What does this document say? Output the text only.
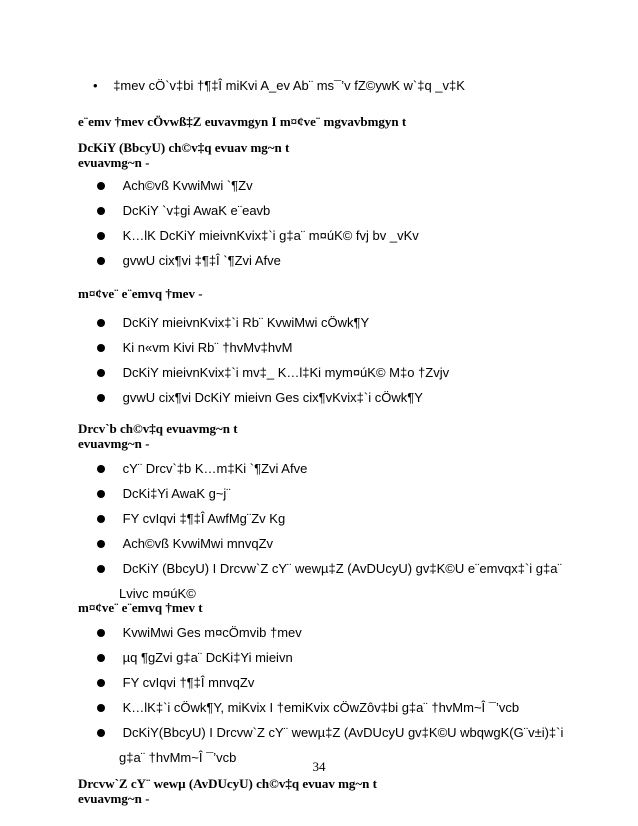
• ‡mev cÖ`v‡bi †¶‡Î miKvi A_ev Ab¨ ms¯’v fZ©ywK w`‡q _v‡K
e¨emv †mev cÖvwß‡Z euvavmgyn I m¤¢ve¨ mgvavbmgyn t
DcKiY (BbcyU) ch©v‡q evuav mg~n t
evuavmg~n -
Ach©vß KvwiMwi `¶Zv
DcKiY `v‡gi AwaK e¨eavb
K…lK DcKiY mieivnKvix‡`i g‡a¨ m¤úK© fvj bv _vKv
gvwU cix¶vi ‡¶‡Î `¶Zvi Afve
m¤¢ve¨ e¨emvq †mev -
DcKiY mieivnKvix‡`i Rb¨ KvwiMwi cÖwk¶Y
Ki n«vm Kivi Rb¨ †hvMv‡hvM
DcKiY mieivnKvix‡`i mv‡_ K…l‡Ki mym¤úK© M‡o †Zvjv
gvwU cix¶vi DcKiY mieivn Ges cix¶vKvix‡`i cÖwk¶Y
Drcv`b ch©v‡q evuavmg~n t
evuavmg~n -
cY¨ Drcv`‡b K…m‡Ki `¶Zvi Afve
DcKi‡Yi AwaK g~j¨
FY cvIqvi ‡¶‡Î AwfMg¨Zv Kg
Ach©vß KvwiMwi mnvqZv
DcKiY (BbcyU) I Drcvw`Z cY¨ wewµ‡Z (AvDUcyU) gv‡K©U e¨emvqx‡`i g‡a¨
Lvivc m¤úK©
m¤¢ve¨ e¨emvq †mev t
KvwiMwi Ges m¤cÖmvib †mev
µq ¶gZvi g‡a¨ DcKi‡Yi mieivn
FY cvIqvi †¶‡Î mnvqZv
K…lK‡`i cÖwk¶Y, miKvix I †emiKvix cÖwZôv‡bi g‡a¨ †hvMm~Î ¯’vcb
DcKiY(BbcyU) I Drcvw`Z cY¨ wewµ‡Z (AvDUcyU gv‡K©U wbqwgK(G¨v±i)‡`i
g‡a¨ †hvMm~Î ¯’vcb
Drcvw`Z cY¨ wewµ (AvDUcyU) ch©v‡q evuav mg~n t
evuavmg~n -
34
